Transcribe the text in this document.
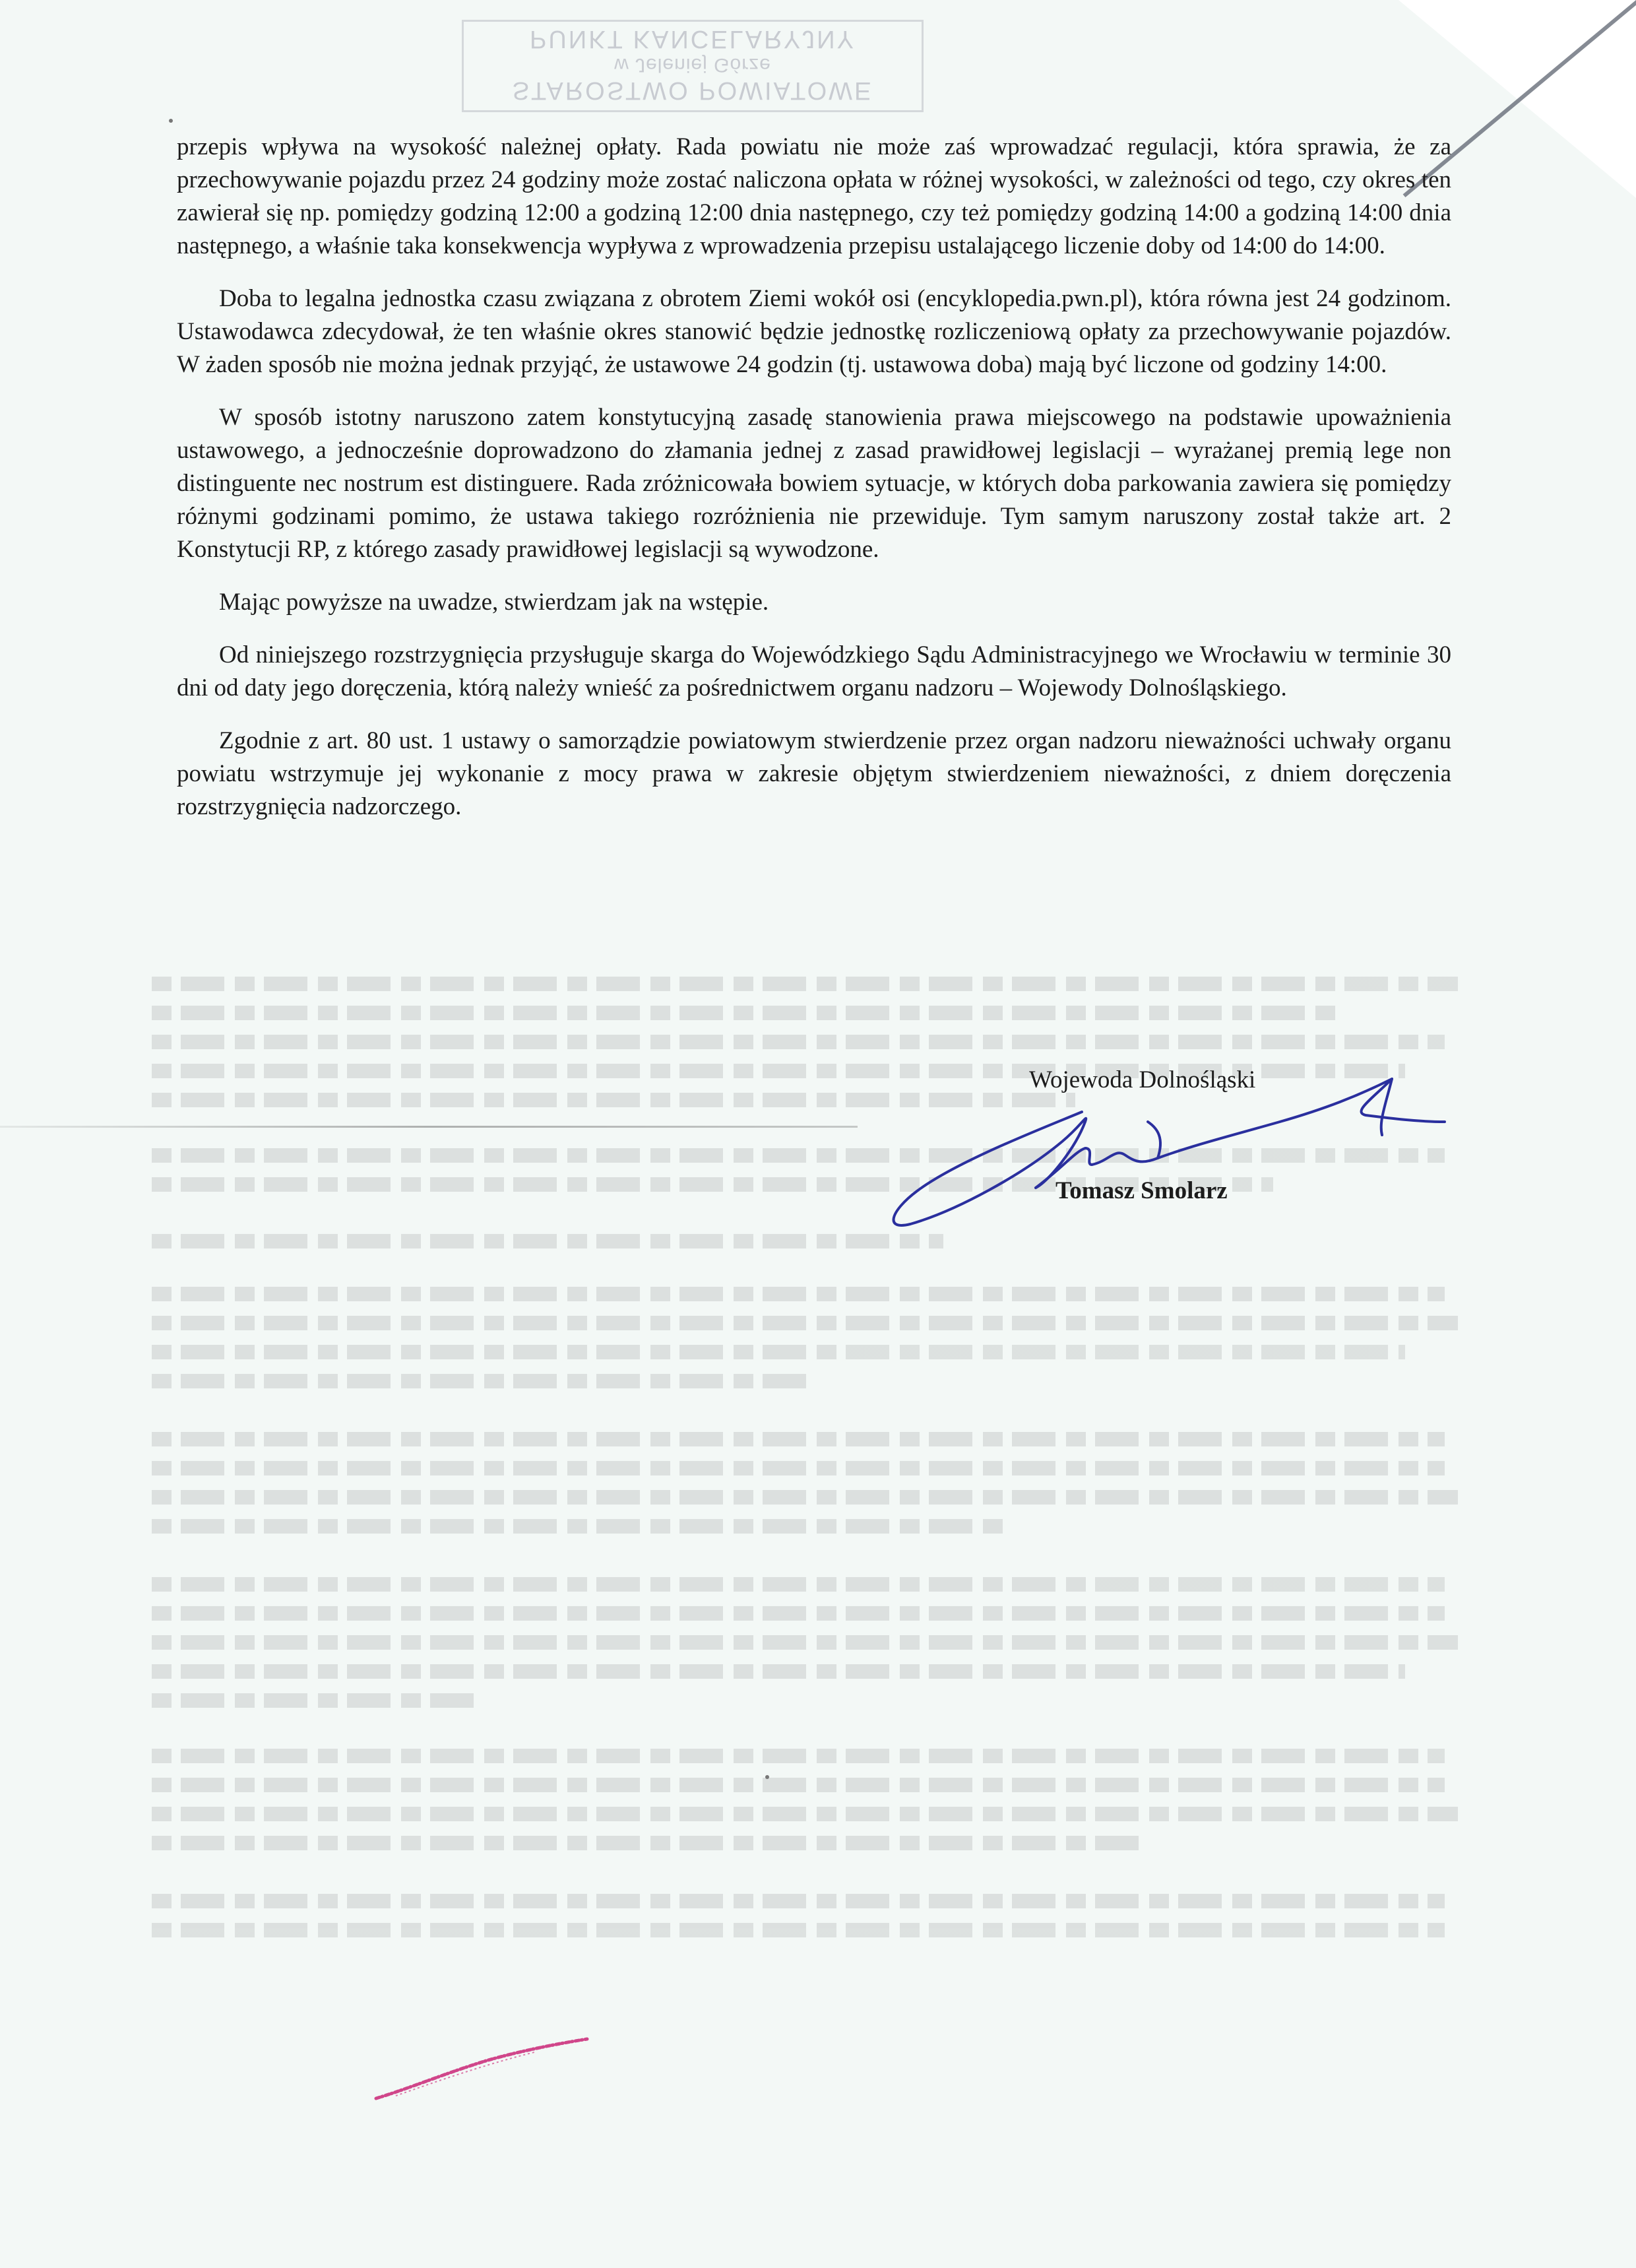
STAROSTWO POWIATOWE
w Jeleniej Górze
PUNKT KANCELARYJNY

przepis wpływa na wysokość należnej opłaty. Rada powiatu nie może zaś wprowadzać regulacji, która sprawia, że za przechowywanie pojazdu przez 24 godziny może zostać naliczona opłata w różnej wysokości, w zależności od tego, czy okres ten zawierał się np. pomiędzy godziną 12:00 a godziną 12:00 dnia następnego, czy też pomiędzy godziną 14:00 a godziną 14:00 dnia następnego, a właśnie taka konsekwencja wypływa z wprowadzenia przepisu ustalającego liczenie doby od 14:00 do 14:00.

Doba to legalna jednostka czasu związana z obrotem Ziemi wokół osi (encyklopedia.pwn.pl), która równa jest 24 godzinom. Ustawodawca zdecydował, że ten właśnie okres stanowić będzie jednostkę rozliczeniową opłaty za przechowywanie pojazdów. W żaden sposób nie można jednak przyjąć, że ustawowe 24 godzin (tj. ustawowa doba) mają być liczone od godziny 14:00.

W sposób istotny naruszono zatem konstytucyjną zasadę stanowienia prawa miejscowego na podstawie upoważnienia ustawowego, a jednocześnie doprowadzono do złamania jednej z zasad prawidłowej legislacji – wyrażanej premią lege non distinguente nec nostrum est distinguere. Rada zróżnicowała bowiem sytuacje, w których doba parkowania zawiera się pomiędzy różnymi godzinami pomimo, że ustawa takiego rozróżnienia nie przewiduje. Tym samym naruszony został także art. 2 Konstytucji RP, z którego zasady prawidłowej legislacji są wywodzone.

Mając powyższe na uwadze, stwierdzam jak na wstępie.

Od niniejszego rozstrzygnięcia przysługuje skarga do Wojewódzkiego Sądu Administracyjnego we Wrocławiu w terminie 30 dni od daty jego doręczenia, którą należy wnieść za pośrednictwem organu nadzoru – Wojewody Dolnośląskiego.

Zgodnie z art. 80 ust. 1 ustawy o samorządzie powiatowym stwierdzenie przez organ nadzoru nieważności uchwały organu powiatu wstrzymuje jej wykonanie z mocy prawa w zakresie objętym stwierdzeniem nieważności, z dniem doręczenia rozstrzygnięcia nadzorczego.

Wojewoda Dolnośląski
Tomasz Smolarz
